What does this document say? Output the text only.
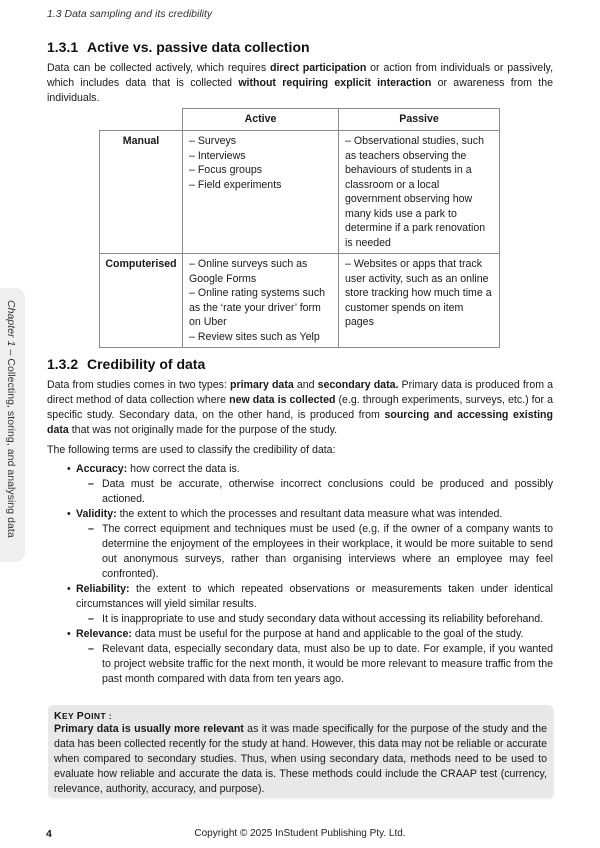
1.3 Data sampling and its credibility
Chapter 1 – Collecting, storing, and analysing data
1.3.1 Active vs. passive data collection

Data can be collected actively, which requires direct participation or action from individuals or passively, which includes data that is collected without requiring explicit interaction or awareness from the individuals.

	Active	Passive
Manual	– Surveys
– Interviews
– Focus groups
– Field experiments	– Observational studies, such as teachers observing the behaviours of students in a classroom or a local government observing how many kids use a park to determine if a park renovation is needed

Computerised	– Online surveys such as Google Forms
– Online rating systems such as the ‘rate your driver’ form on Uber
– Review sites such as Yelp	– Websites or apps that track user activity, such as an online store tracking how much time a customer spends on item pages
1.3.2 Credibility of data

Data from studies comes in two types: primary data and secondary data. Primary data is produced from a direct method of data collection where new data is collected (e.g. through experiments, surveys, etc.) for a specific study. Secondary data, on the other hand, is produced from sourcing and accessing existing data that was not originally made for the purpose of the study.

The following terms are used to classify the credibility of data:

• Accuracy: how correct the data is.
– Data must be accurate, otherwise incorrect conclusions could be produced and possibly actioned.
• Validity: the extent to which the processes and resultant data measure what was intended.
– The correct equipment and techniques must be used (e.g. if the owner of a company wants to determine the enjoyment of the employees in their workplace, it would be more suitable to send out anonymous surveys, rather than organising interviews where an employee may feel confronted).
• Reliability: the extent to which repeated observations or measurements taken under identical circumstances will yield similar results.
– It is inappropriate to use and study secondary data without accessing its reliability beforehand.
• Relevance: data must be useful for the purpose at hand and applicable to the goal of the study.
– Relevant data, especially secondary data, must also be up to date. For example, if you wanted to project website traffic for the next month, it would be more relevant to measure traffic from the past month compared with data from ten years ago.
KEY POINT :
Primary data is usually more relevant as it was made specifically for the purpose of the study and the data has been collected recently for the study at hand. However, this data may not be reliable or accurate when compared to secondary studies. Thus, when using secondary data, methods need to be used to evaluate how reliable and accurate the data is. These methods could include the CRAAP test (currency, relevance, authority, accuracy, and purpose).
4	Copyright © 2025 InStudent Publishing Pty. Ltd.
